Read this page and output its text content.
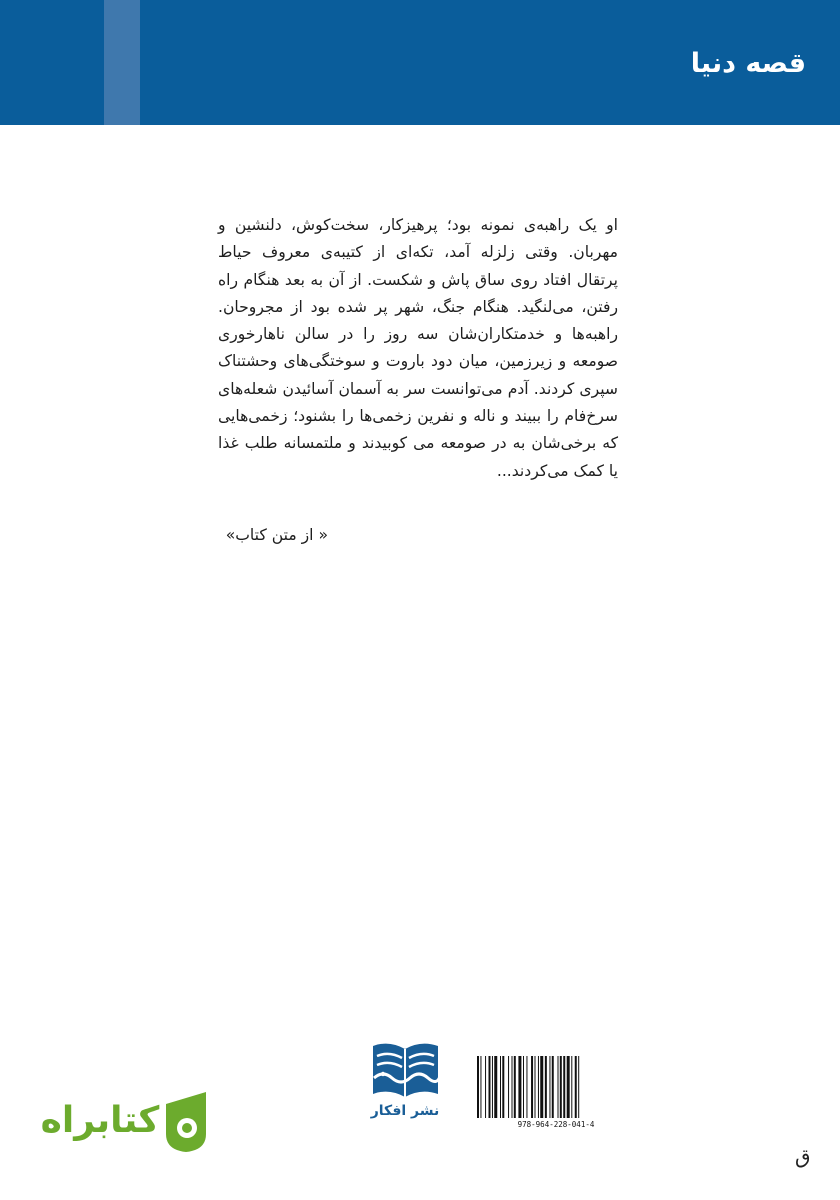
قصه دنیا

او یک راهبه‌ی نمونه بود؛ پرهیزکار، سخت‌کوش، دلنشین و مهربان. وقتی زلزله آمد، تکه‌ای از کتیبه‌ی معروف حیاط پرتقال افتاد روی ساق پاش و شکست. از آن به بعد هنگام راه رفتن، می‌لنگید. هنگام جنگ، شهر پر شده بود از مجروحان. راهبه‌ها و خدمتکاران‌شان سه روز را در سالن ناهارخوری صومعه و زیرزمین، میان دود باروت و سوختگی‌های وحشتناک سپری کردند. آدم می‌توانست سر به آسمان آسائیدن شعله‌های سرخ‌فام را ببیند و ناله و نفرین زخمی‌ها را بشنود؛ زخمی‌هایی که برخی‌شان به در صومعه می کوبیدند و ملتمسانه طلب غذا یا کمک می‌کردند...

« از متن کتاب»
نشر افکار
978-964-228-041-4
کتابراه
ق
